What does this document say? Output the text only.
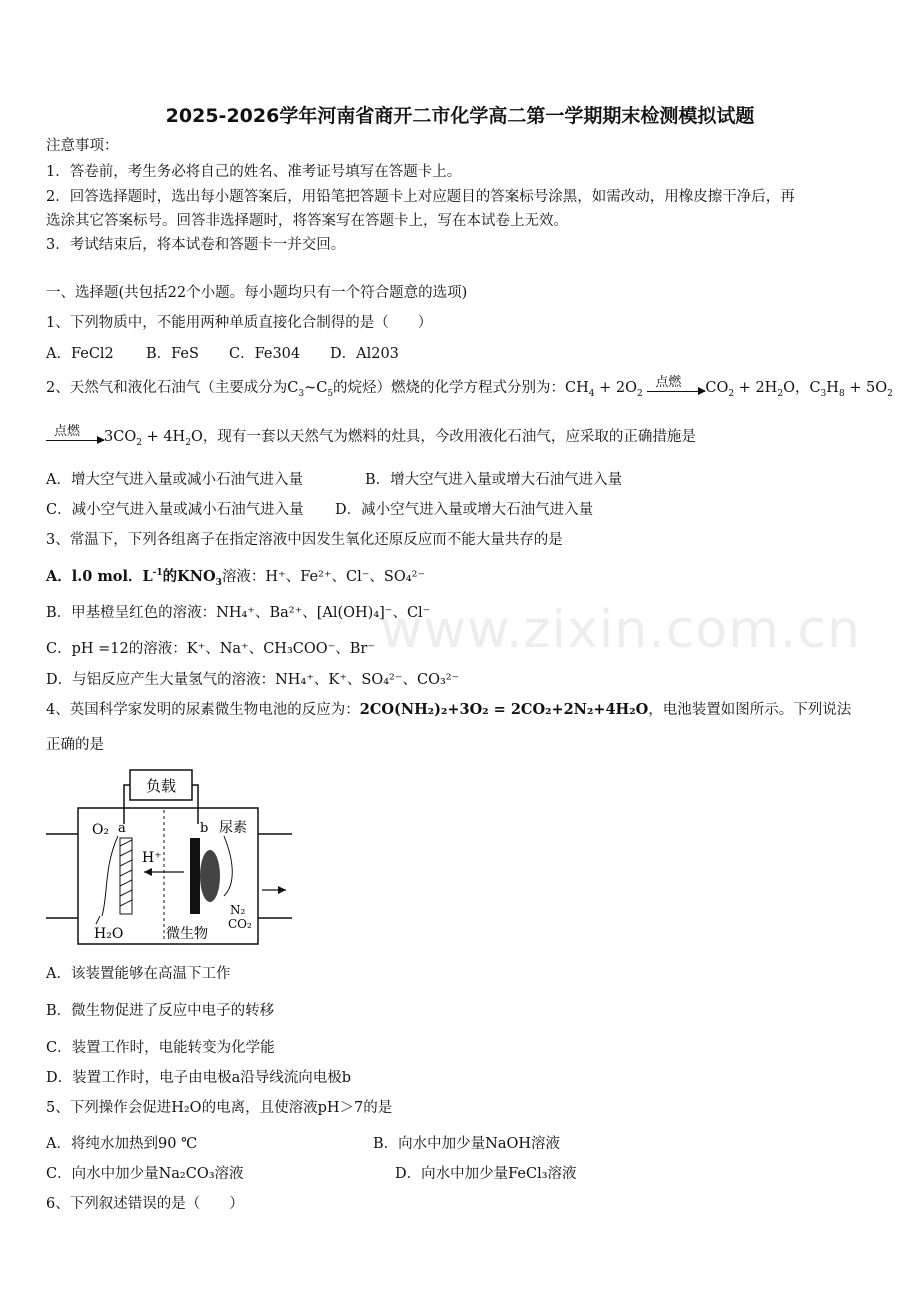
www.zixin.com.cn
2025-2026学年河南省商开二市化学高二第一学期期末检测模拟试题
注意事项：
1．答卷前，考生务必将自己的姓名、准考证号填写在答题卡上。
2．回答选择题时，选出每小题答案后，用铅笔把答题卡上对应题目的答案标号涂黑，如需改动，用橡皮擦干净后，再
选涂其它答案标号。回答非选择题时，将答案写在答题卡上，写在本试卷上无效。
3．考试结束后，将本试卷和答题卡一并交回。
一、选择题(共包括22个小题。每小题均只有一个符合题意的选项)
1、下列物质中，不能用两种单质直接化合制得的是（　　）
A．FeCl2 B．FeS C．Fe304 D．Al203
2、天然气和液化石油气（主要成分为$C_3\sim C_5$的烷烃）燃烧的化学方程式分别为：$CH_4 + 2O_2$
点燃 $CO_2 + 2H_2O$，$C_3H_8 + 5O_2$
点燃 $3CO_2 + 4H_2O$，现有一套以天然气为燃料的灶具，今改用液化石油气，应采取的正确措施是
A．增大空气进入量或减小石油气进入量	B．增大空气进入量或增大石油气进入量
C．减小空气进入量或减小石油气进入量 D．减小空气进入量或增大石油气进入量
3、常温下，下列各组离子在指定溶液中因发生氧化还原反应而不能大量共存的是
A．l.0 mol．$L^{-1}$的$KNO_3$溶液：H⁺、Fe²⁺、Cl⁻、SO₄²⁻
B．甲基橙呈红色的溶液：NH₄⁺、Ba²⁺、[Al(OH)₄]⁻、Cl⁻
C．pH =12的溶液：K⁺、Na⁺、CH₃COO⁻、Br⁻
D．与铝反应产生大量氢气的溶液：NH₄⁺、K⁺、SO₄²⁻、CO₃²⁻
4、英国科学家发明的尿素微生物电池的反应为：2CO(NH₂)₂+3O₂ = 2CO₂+2N₂+4H₂O，电池装置如图所示。下列说法
正确的是
负载
O₂ a	b 尿素
H⁺
H₂O	微生物
N₂
CO₂
A．该装置能够在高温下工作
B．微生物促进了反应中电子的转移
C．装置工作时，电能转变为化学能
D．装置工作时，电子由电极a沿导线流向电极b
5、下列操作会促进H₂O的电离，且使溶液pH＞7的是
A．将纯水加热到90 ℃	B．向水中加少量NaOH溶液
C．向水中加少量Na₂CO₃溶液	D．向水中加少量FeCl₃溶液
6、下列叙述错误的是（　　）
